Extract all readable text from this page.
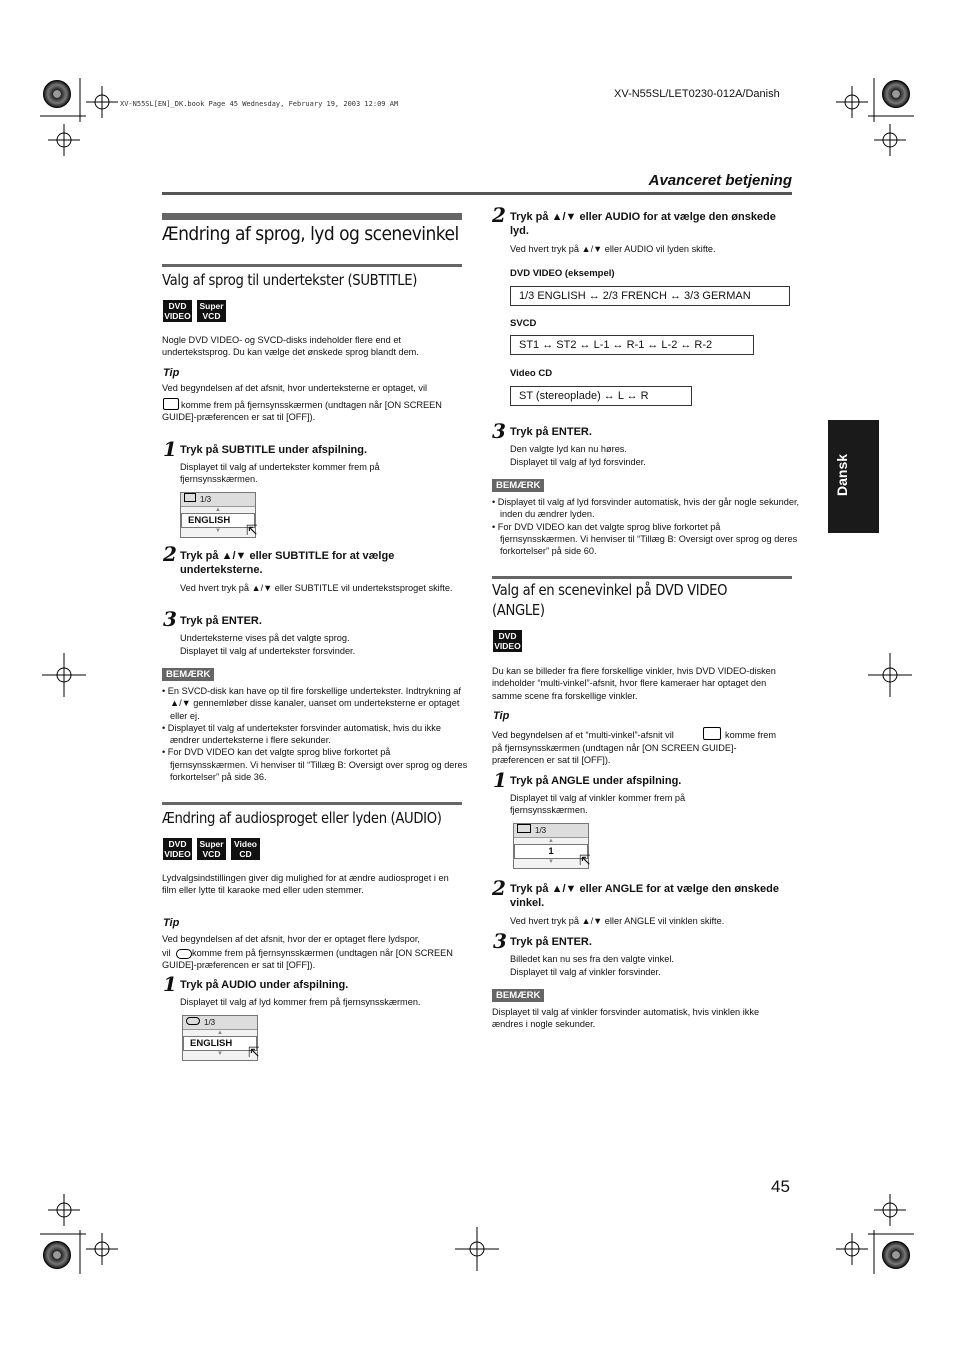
XV-N55SL/LET0230-012A/Danish
XV-N55SL[EN]_DK.book Page 45 Wednesday, February 19, 2003 12:09 AM
Avanceret betjening
Dansk
Ændring af sprog, lyd og scenevinkel
Valg af sprog til undertekster (SUBTITLE)
DVD
VIDEO
Super
VCD
Nogle DVD VIDEO- og SVCD-disks indeholder flere end et undertekstsprog. Du kan vælge det ønskede sprog blandt dem.
Tip
Ved begyndelsen af det afsnit, hvor underteksterne er optaget, vil
komme frem på fjernsynsskærmen (undtagen når [ON SCREEN GUIDE]-præferencen er sat til [OFF]).
1 Tryk på SUBTITLE under afspilning.
Displayet til valg af undertekster kommer frem på fjernsynsskærmen.
1/3
▲
ENGLISH
▼	⇱
2 Tryk på ▲/▼ eller SUBTITLE for at vælge underteksterne.
Ved hvert tryk på ▲/▼ eller SUBTITLE vil undertekstsproget skifte.
3 Tryk på ENTER.
Underteksterne vises på det valgte sprog.
Displayet til valg af undertekster forsvinder.
BEMÆRK
• En SVCD-disk kan have op til fire forskellige undertekster. Indtrykning af ▲/▼ gennemløber disse kanaler, uanset om underteksterne er optaget eller ej.
• Displayet til valg af undertekster forsvinder automatisk, hvis du ikke ændrer underteksterne i flere sekunder.
• For DVD VIDEO kan det valgte sprog blive forkortet på fjernsynsskærmen. Vi henviser til “Tillæg B: Oversigt over sprog og deres forkortelser” på side 36.
Ændring af audiosproget eller lyden (AUDIO)
DVD
VIDEO
Super
VCD
Video
CD
Lydvalgsindstillingen giver dig mulighed for at ændre audiosproget i en film eller lytte til karaoke med eller uden stemmer.
Tip
Ved begyndelsen af det afsnit, hvor der er optaget flere lydspor,
vil	komme frem på fjernsynsskærmen (undtagen når [ON SCREEN GUIDE]-præferencen er sat til [OFF]).
1 Tryk på AUDIO under afspilning.
Displayet til valg af lyd kommer frem på fjernsynsskærmen.
1/3
▲
ENGLISH
▼	⇱
2 Tryk på ▲/▼ eller AUDIO for at vælge den ønskede lyd.
Ved hvert tryk på ▲/▼ eller AUDIO vil lyden skifte.
DVD VIDEO (eksempel)
1/3 ENGLISH ↔ 2/3 FRENCH ↔ 3/3 GERMAN
SVCD
ST1 ↔ ST2 ↔ L-1 ↔ R-1 ↔ L-2 ↔ R-2
Video CD
ST (stereoplade) ↔ L ↔ R
3 Tryk på ENTER.
Den valgte lyd kan nu høres.
Displayet til valg af lyd forsvinder.
BEMÆRK
• Displayet til valg af lyd forsvinder automatisk, hvis der går nogle sekunder, inden du ændrer lyden.
• For DVD VIDEO kan det valgte sprog blive forkortet på fjernsynsskærmen. Vi henviser til “Tillæg B: Oversigt over sprog og deres forkortelser” på side 60.
Valg af en scenevinkel på DVD VIDEO
(ANGLE)
DVD
VIDEO
Du kan se billeder fra flere forskellige vinkler, hvis DVD VIDEO-disken indeholder “multi-vinkel”-afsnit, hvor flere kameraer har optaget den samme scene fra forskellige vinkler.
Tip
Ved begyndelsen af et “multi-vinkel”-afsnit vil	komme frem
på fjernsynsskærmen (undtagen når [ON SCREEN GUIDE]-præferencen er sat til [OFF]).
1 Tryk på ANGLE under afspilning.
Displayet til valg af vinkler kommer frem på fjernsynsskærmen.
1/3
▲
1
▼	⇱
2 Tryk på ▲/▼ eller ANGLE for at vælge den ønskede vinkel.
Ved hvert tryk på ▲/▼ eller ANGLE vil vinklen skifte.
3 Tryk på ENTER.
Billedet kan nu ses fra den valgte vinkel.
Displayet til valg af vinkler forsvinder.
BEMÆRK
Displayet til valg af vinkler forsvinder automatisk, hvis vinklen ikke ændres i nogle sekunder.
45
